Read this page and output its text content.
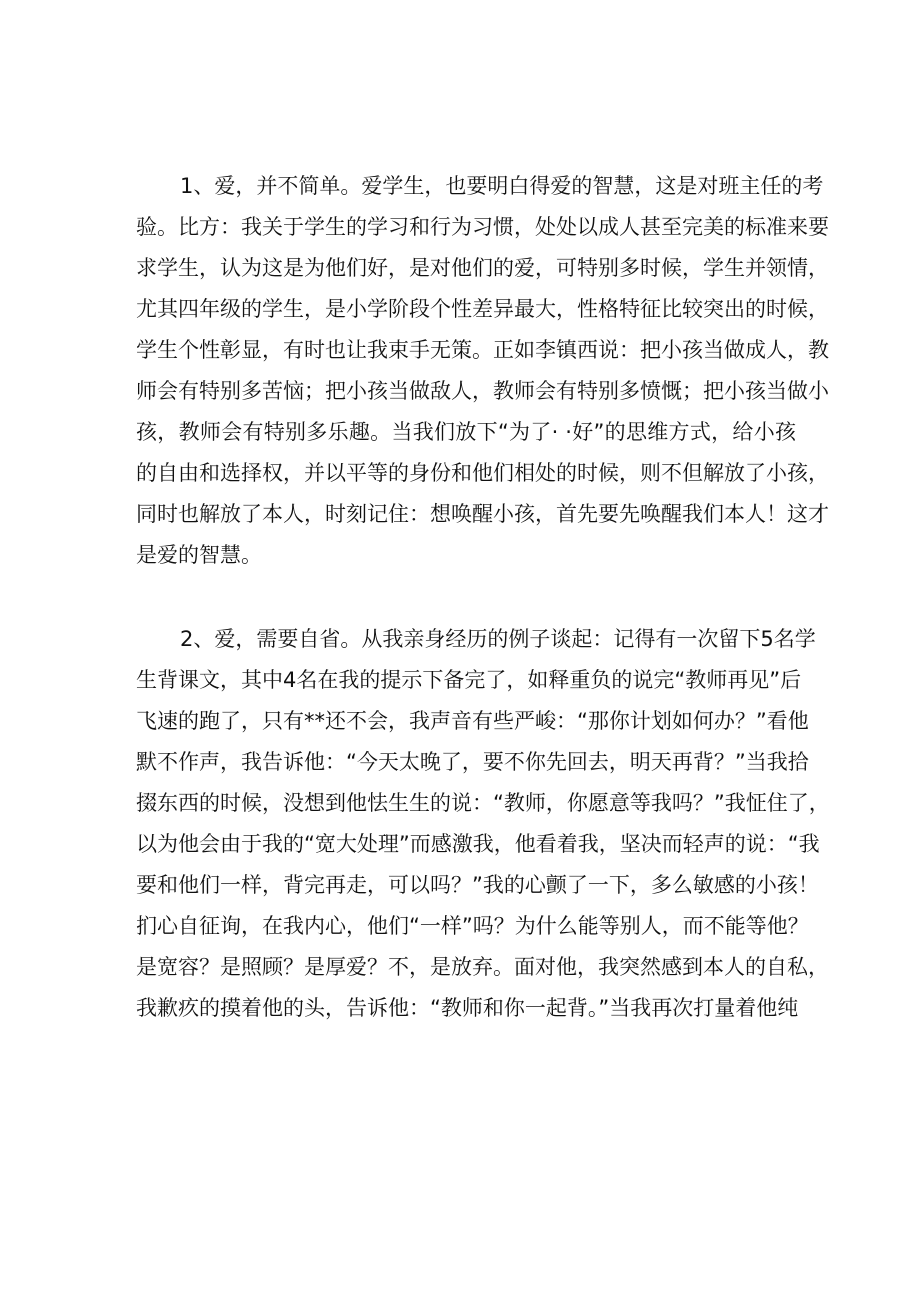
1、爱，并不简单。爱学生，也要明白得爱的智慧，这是对班主任的考
验。比方：我关于学生的学习和行为习惯，处处以成人甚至完美的标准来要
求学生，认为这是为他们好，是对他们的爱，可特别多时候，学生并领情，
尤其四年级的学生，是小学阶段个性差异最大，性格特征比较突出的时候，
学生个性彰显，有时也让我束手无策。正如李镇西说：把小孩当做成人，教
师会有特别多苦恼；把小孩当做敌人，教师会有特别多愤慨；把小孩当做小
孩，教师会有特别多乐趣。当我们放下“为了· ·好”的思维方式，给小孩
的自由和选择权，并以平等的身份和他们相处的时候，则不但解放了小孩，
同时也解放了本人，时刻记住：想唤醒小孩，首先要先唤醒我们本人！这才
是爱的智慧。
2、爱，需要自省。从我亲身经历的例子谈起：记得有一次留下5名学
生背课文，其中4名在我的提示下备完了，如释重负的说完“教师再见”后
飞速的跑了，只有**还不会，我声音有些严峻：“那你计划如何办？”看他
默不作声，我告诉他：“今天太晚了，要不你先回去，明天再背？”当我拾
掇东西的时候，没想到他怯生生的说：“教师，你愿意等我吗？”我怔住了，
以为他会由于我的“宽大处理”而感激我，他看着我，坚决而轻声的说：“我
要和他们一样，背完再走，可以吗？”我的心颤了一下，多么敏感的小孩！
扪心自征询，在我内心，他们“一样”吗？为什么能等别人，而不能等他？
是宽容？是照顾？是厚爱？不，是放弃。面对他，我突然感到本人的自私，
我歉疚的摸着他的头，告诉他：“教师和你一起背。”当我再次打量着他纯
